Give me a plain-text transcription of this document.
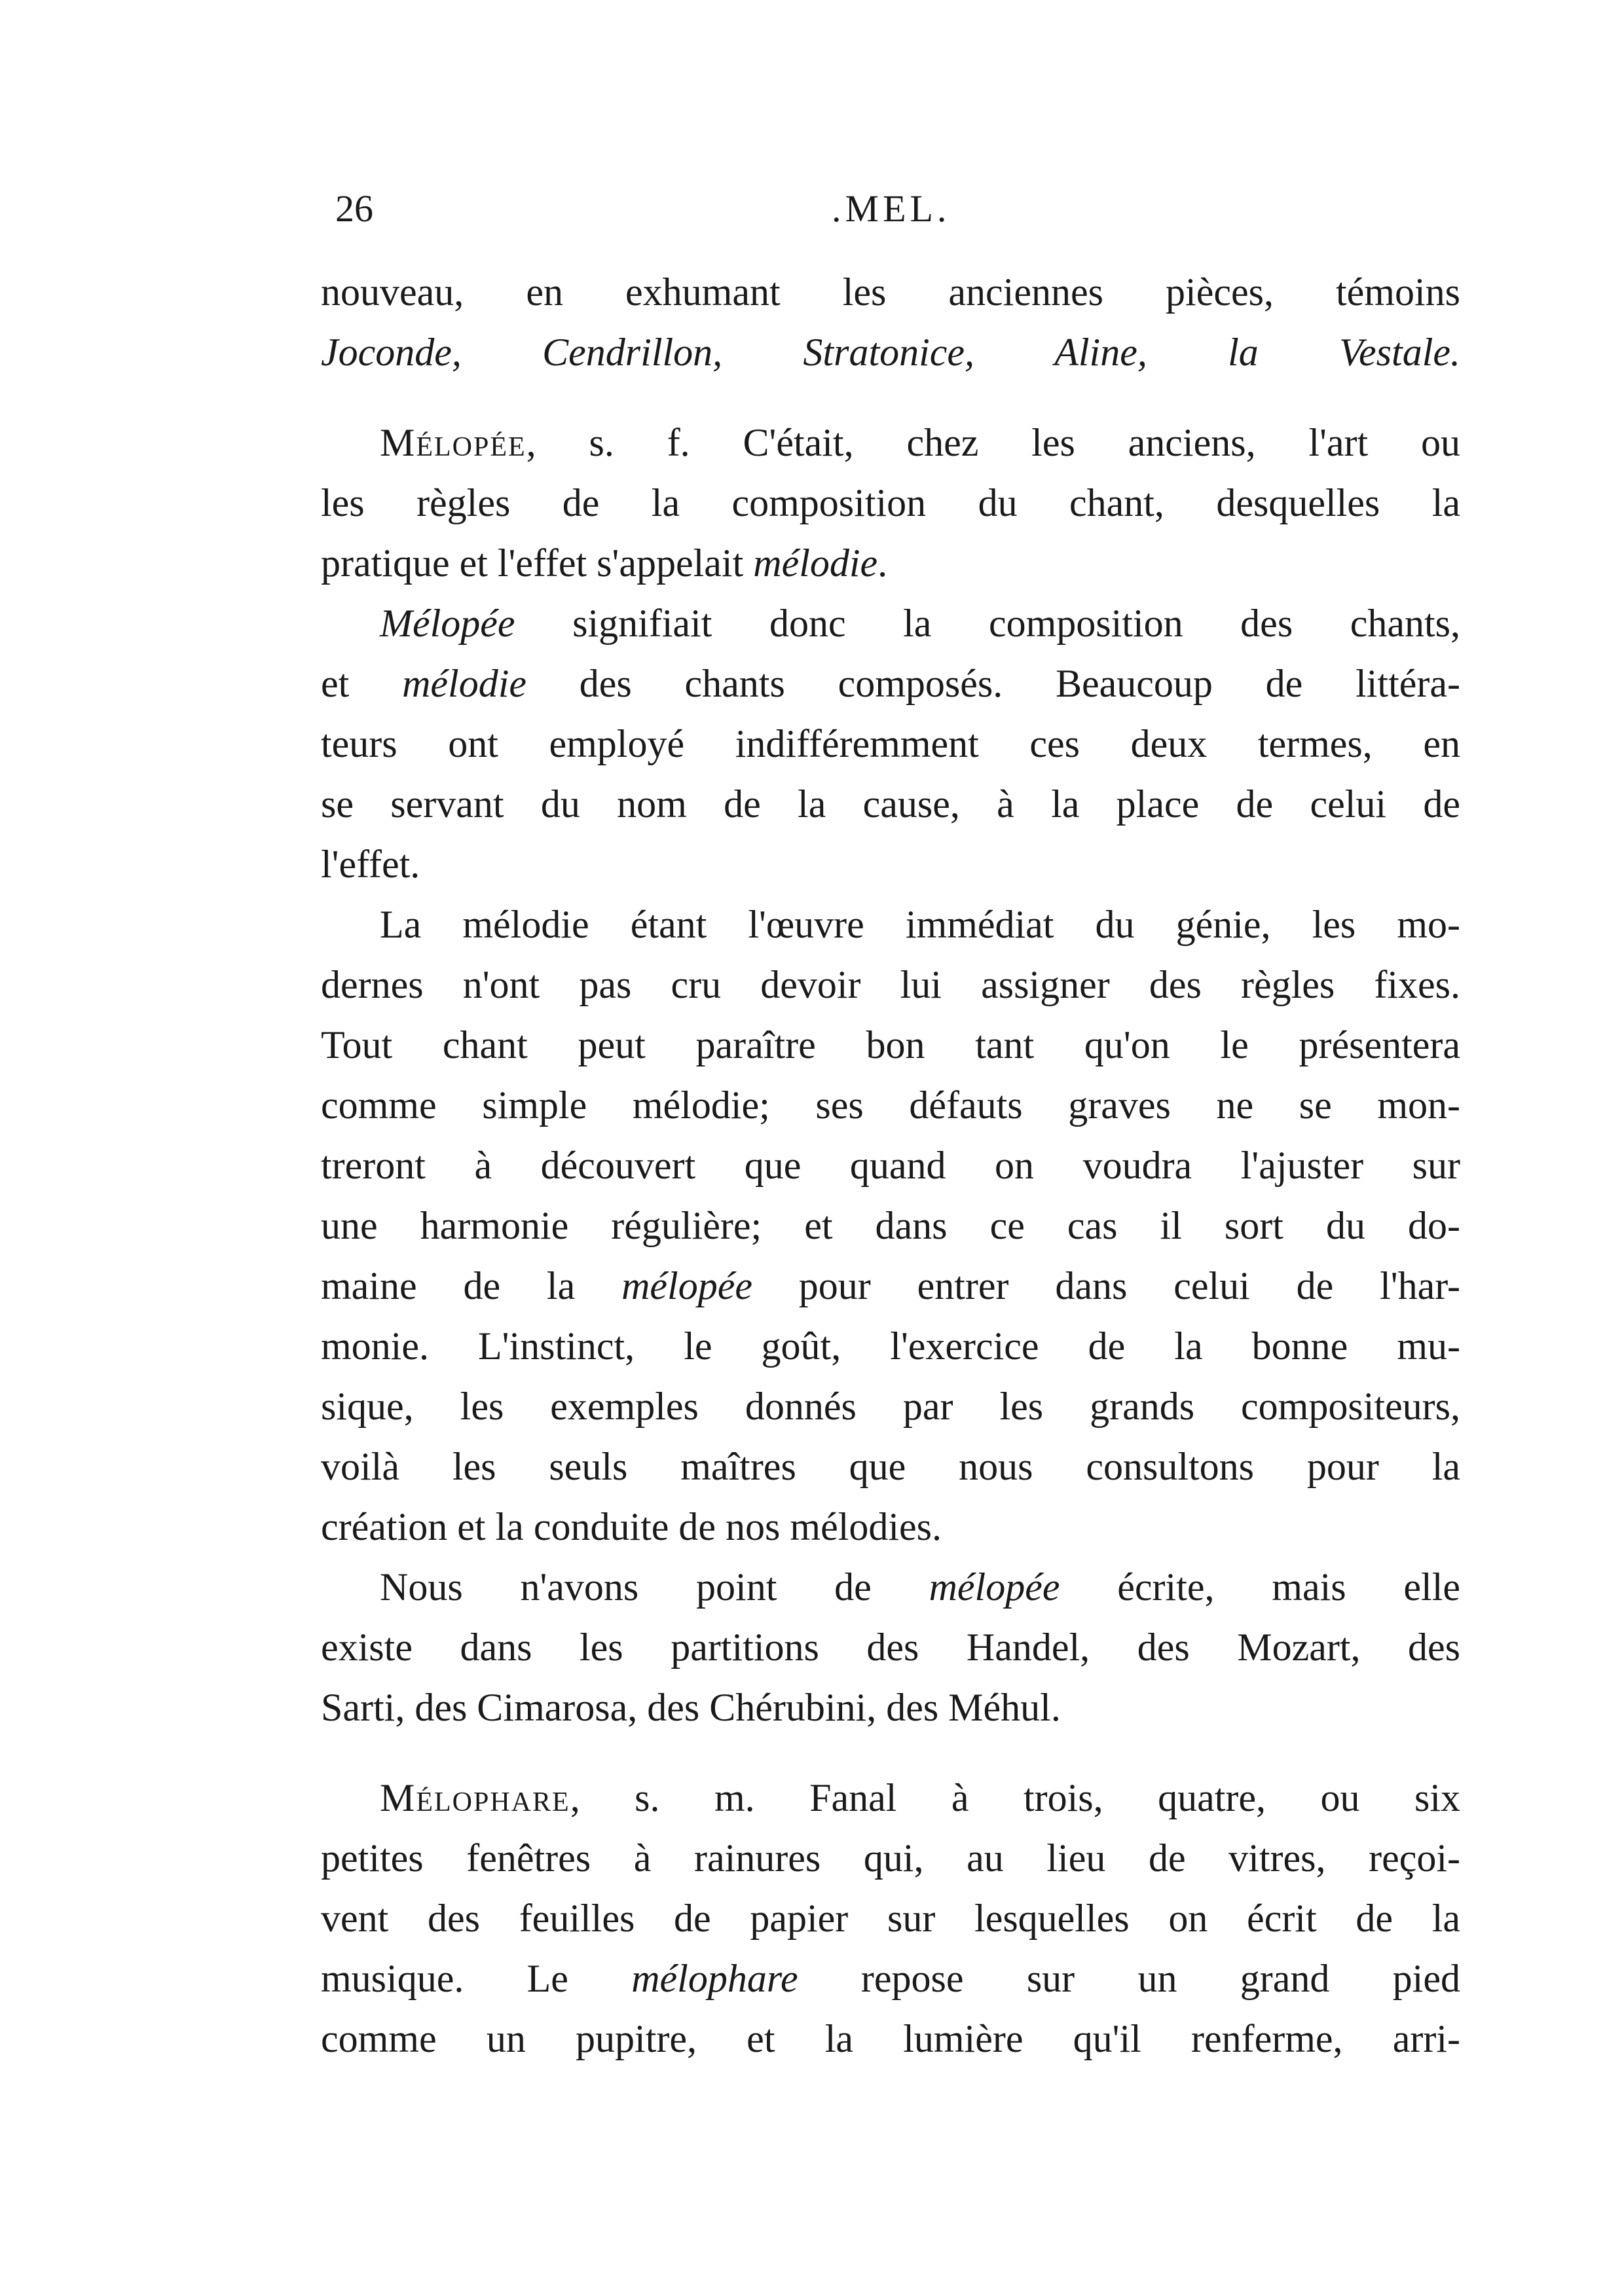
26	.MEL.
nouveau, en exhumant les anciennes pièces, témoins
Joconde, Cendrillon, Stratonice, Aline, la Vestale.
Mélopée, s. f. C'était, chez les anciens, l'art ou
les règles de la composition du chant, desquelles la
pratique et l'effet s'appelait mélodie.
Mélopée signifiait donc la composition des chants,
et mélodie des chants composés. Beaucoup de littéra-
teurs ont employé indifféremment ces deux termes, en
se servant du nom de la cause, à la place de celui de
l'effet.
La mélodie étant l'œuvre immédiat du génie, les mo-
dernes n'ont pas cru devoir lui assigner des règles fixes.
Tout chant peut paraître bon tant qu'on le présentera
comme simple mélodie; ses défauts graves ne se mon-
treront à découvert que quand on voudra l'ajuster sur
une harmonie régulière; et dans ce cas il sort du do-
maine de la mélopée pour entrer dans celui de l'har-
monie. L'instinct, le goût, l'exercice de la bonne mu-
sique, les exemples donnés par les grands compositeurs,
voilà les seuls maîtres que nous consultons pour la
création et la conduite de nos mélodies.
Nous n'avons point de mélopée écrite, mais elle
existe dans les partitions des Handel, des Mozart, des
Sarti, des Cimarosa, des Chérubini, des Méhul.
Mélophare, s. m. Fanal à trois, quatre, ou six
petites fenêtres à rainures qui, au lieu de vitres, reçoi-
vent des feuilles de papier sur lesquelles on écrit de la
musique. Le mélophare repose sur un grand pied
comme un pupitre, et la lumière qu'il renferme, arri-
